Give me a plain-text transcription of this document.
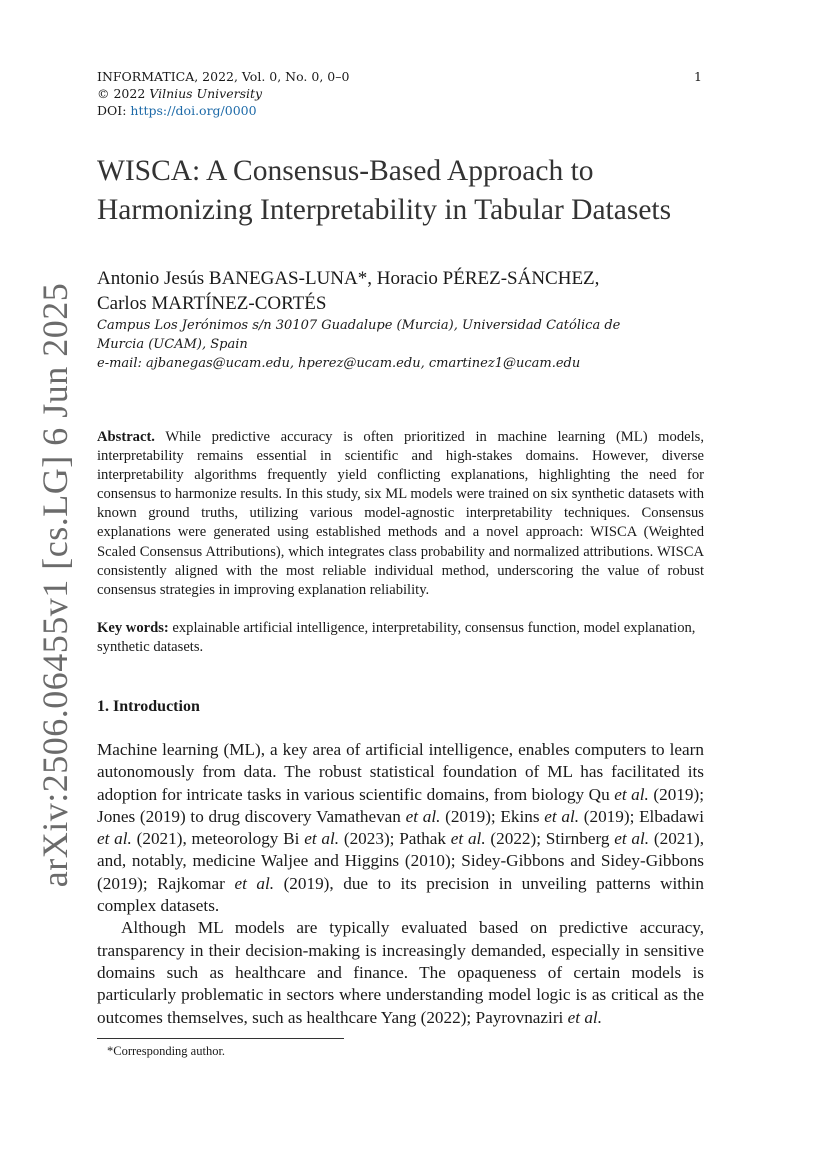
INFORMATICA, 2022, Vol. 0, No. 0, 0–0
© 2022 Vilnius University
DOI: https://doi.org/0000
1
arXiv:2506.06455v1 [cs.LG] 6 Jun 2025
WISCA: A Consensus-Based Approach to
Harmonizing Interpretability in Tabular Datasets
Antonio Jesús BANEGAS-LUNA*, Horacio PÉREZ-SÁNCHEZ,
Carlos MARTÍNEZ-CORTÉS
Campus Los Jerónimos s/n 30107 Guadalupe (Murcia), Universidad Católica de
Murcia (UCAM), Spain
e-mail: ajbanegas@ucam.edu, hperez@ucam.edu, cmartinez1@ucam.edu
Abstract. While predictive accuracy is often prioritized in machine learning (ML) models, interpretability remains essential in scientific and high-stakes domains. However, diverse interpretability algorithms frequently yield conflicting explanations, highlighting the need for consensus to harmonize results. In this study, six ML models were trained on six synthetic datasets with known ground truths, utilizing various model-agnostic interpretability techniques. Consensus explanations were generated using established methods and a novel approach: WISCA (Weighted Scaled Consensus Attributions), which integrates class probability and normalized attributions. WISCA consistently aligned with the most reliable individual method, underscoring the value of robust consensus strategies in improving explanation reliability.
Key words: explainable artificial intelligence, interpretability, consensus function, model explanation, synthetic datasets.
1. Introduction

Machine learning (ML), a key area of artificial intelligence, enables computers to learn autonomously from data. The robust statistical foundation of ML has facilitated its adoption for intricate tasks in various scientific domains, from biology Qu et al. (2019); Jones (2019) to drug discovery Vamathevan et al. (2019); Ekins et al. (2019); Elbadawi et al. (2021), meteorology Bi et al. (2023); Pathak et al. (2022); Stirnberg et al. (2021), and, notably, medicine Waljee and Higgins (2010); Sidey-Gibbons and Sidey-Gibbons (2019); Rajkomar et al. (2019), due to its precision in unveiling patterns within complex datasets.

Although ML models are typically evaluated based on predictive accuracy, transparency in their decision-making is increasingly demanded, especially in sensitive domains such as healthcare and finance. The opaqueness of certain models is particularly problematic in sectors where understanding model logic is as critical as the outcomes themselves, such as healthcare Yang (2022); Payrovnaziri et al.

*Corresponding author.
